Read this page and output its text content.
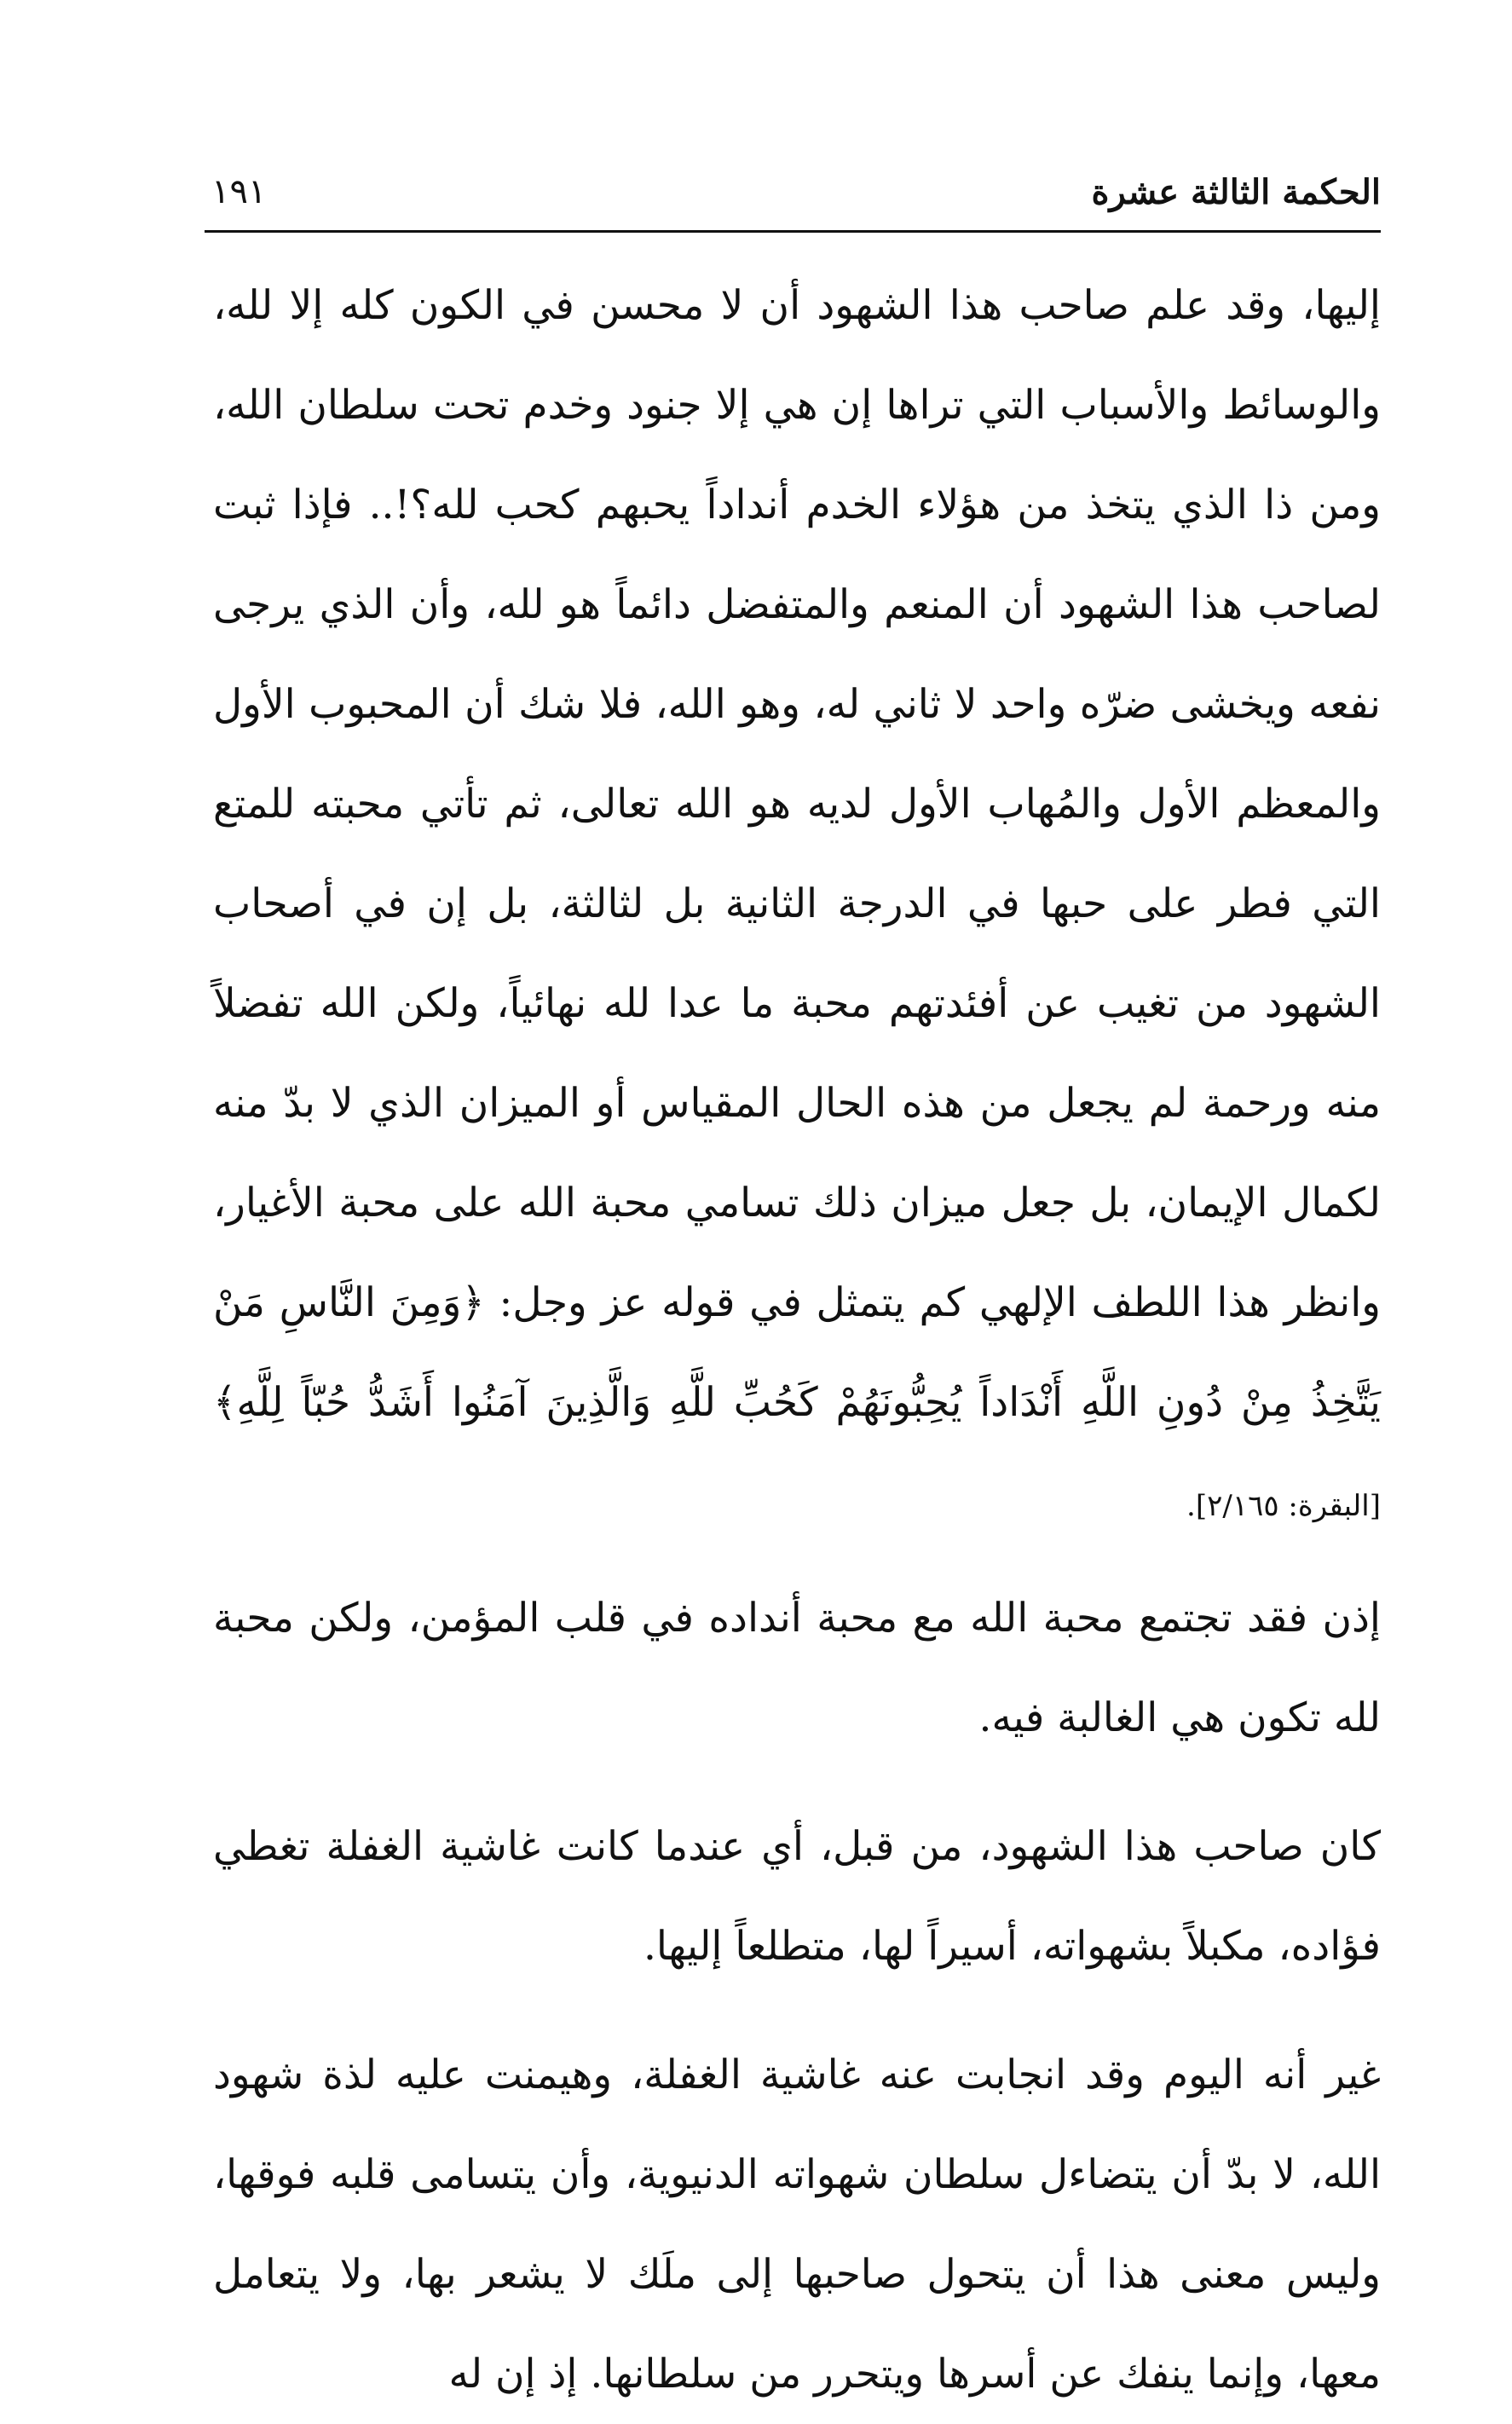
الحكمة الثالثة عشرة
١٩١

إليها، وقد علم صاحب هذا الشهود أن لا محسن في الكون كله إلا لله، والوسائط والأسباب التي تراها إن هي إلا جنود وخدم تحت سلطان الله، ومن ذا الذي يتخذ من هؤلاء الخدم أنداداً يحبهم كحب لله؟!.. فإذا ثبت لصاحب هذا الشهود أن المنعم والمتفضل دائماً هو لله، وأن الذي يرجى نفعه ويخشى ضرّه واحد لا ثاني له، وهو الله، فلا شك أن المحبوب الأول والمعظم الأول والمُهاب الأول لديه هو الله تعالى، ثم تأتي محبته للمتع التي فطر على حبها في الدرجة الثانية بل لثالثة، بل إن في أصحاب الشهود من تغيب عن أفئدتهم محبة ما عدا لله نهائياً، ولكن الله تفضلاً منه ورحمة لم يجعل من هذه الحال المقياس أو الميزان الذي لا بدّ منه لكمال الإيمان، بل جعل ميزان ذلك تسامي محبة الله على محبة الأغيار، وانظر هذا اللطف الإلهي كم يتمثل في قوله عز وجل: ﴿وَمِنَ النَّاسِ مَنْ يَتَّخِذُ مِنْ دُونِ اللَّهِ أَنْدَاداً يُحِبُّونَهُمْ كَحُبِّ للَّهِ وَالَّذِينَ آمَنُوا أَشَدُّ حُبّاً لِلَّهِ﴾ [البقرة: ٢/١٦٥].

إذن فقد تجتمع محبة الله مع محبة أنداده في قلب المؤمن، ولكن محبة لله تكون هي الغالبة فيه.

كان صاحب هذا الشهود، من قبل، أي عندما كانت غاشية الغفلة تغطي فؤاده، مكبلاً بشهواته، أسيراً لها، متطلعاً إليها.

غير أنه اليوم وقد انجابت عنه غاشية الغفلة، وهيمنت عليه لذة شهود الله، لا بدّ أن يتضاءل سلطان شهواته الدنيوية، وأن يتسامى قلبه فوقها، وليس معنى هذا أن يتحول صاحبها إلى ملَك لا يشعر بها، ولا يتعامل معها، وإنما ينفك عن أسرها ويتحرر من سلطانها. إذ إن له
